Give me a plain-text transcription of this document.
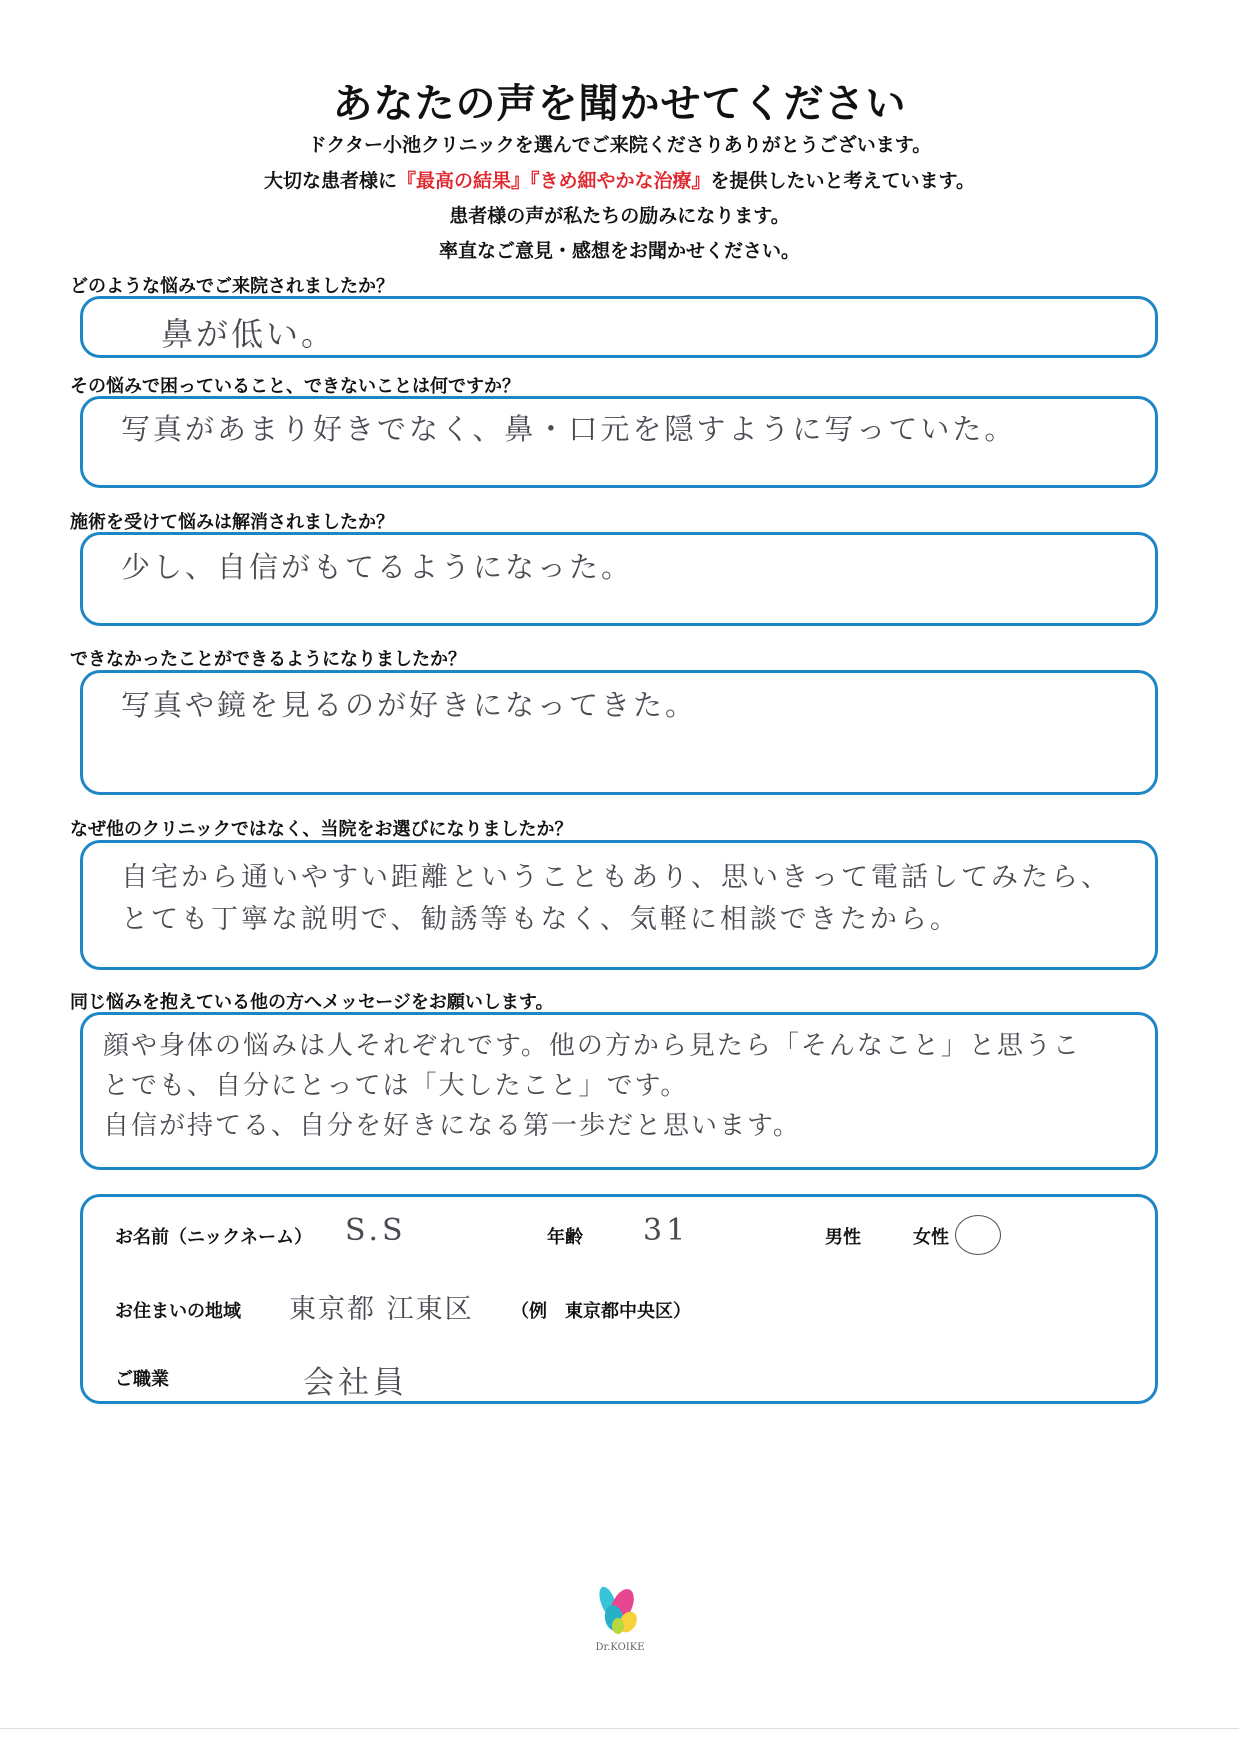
あなたの声を聞かせてください
ドクター小池クリニックを選んでご来院くださりありがとうございます。
大切な患者様に『最高の結果』『きめ細やかな治療』を提供したいと考えています。
患者様の声が私たちの励みになります。
率直なご意見・感想をお聞かせください。
どのような悩みでご来院されましたか？
鼻が低い。
その悩みで困っていること、できないことは何ですか？
写真があまり好きでなく、鼻・口元を隠すように写っていた。
施術を受けて悩みは解消されましたか？
少し、自信がもてるようになった。
できなかったことができるようになりましたか？
写真や鏡を見るのが好きになってきた。
なぜ他のクリニックではなく、当院をお選びになりましたか？
自宅から通いやすい距離ということもあり、思いきって電話してみたら、
とても丁寧な説明で、勧誘等もなく、気軽に相談できたから。
同じ悩みを抱えている他の方へメッセージをお願いします。
顔や身体の悩みは人それぞれです。他の方から見たら「そんなこと」と思うこ
とでも、自分にとっては「大したこと」です。
自信が持てる、自分を好きになる第一歩だと思います。
お名前（ニックネーム） S.S	年齢 31	男性	女性
お住まいの地域 東京都 江東区 （例　東京都中央区）
ご職業	会社員
Dr.KOIKE
